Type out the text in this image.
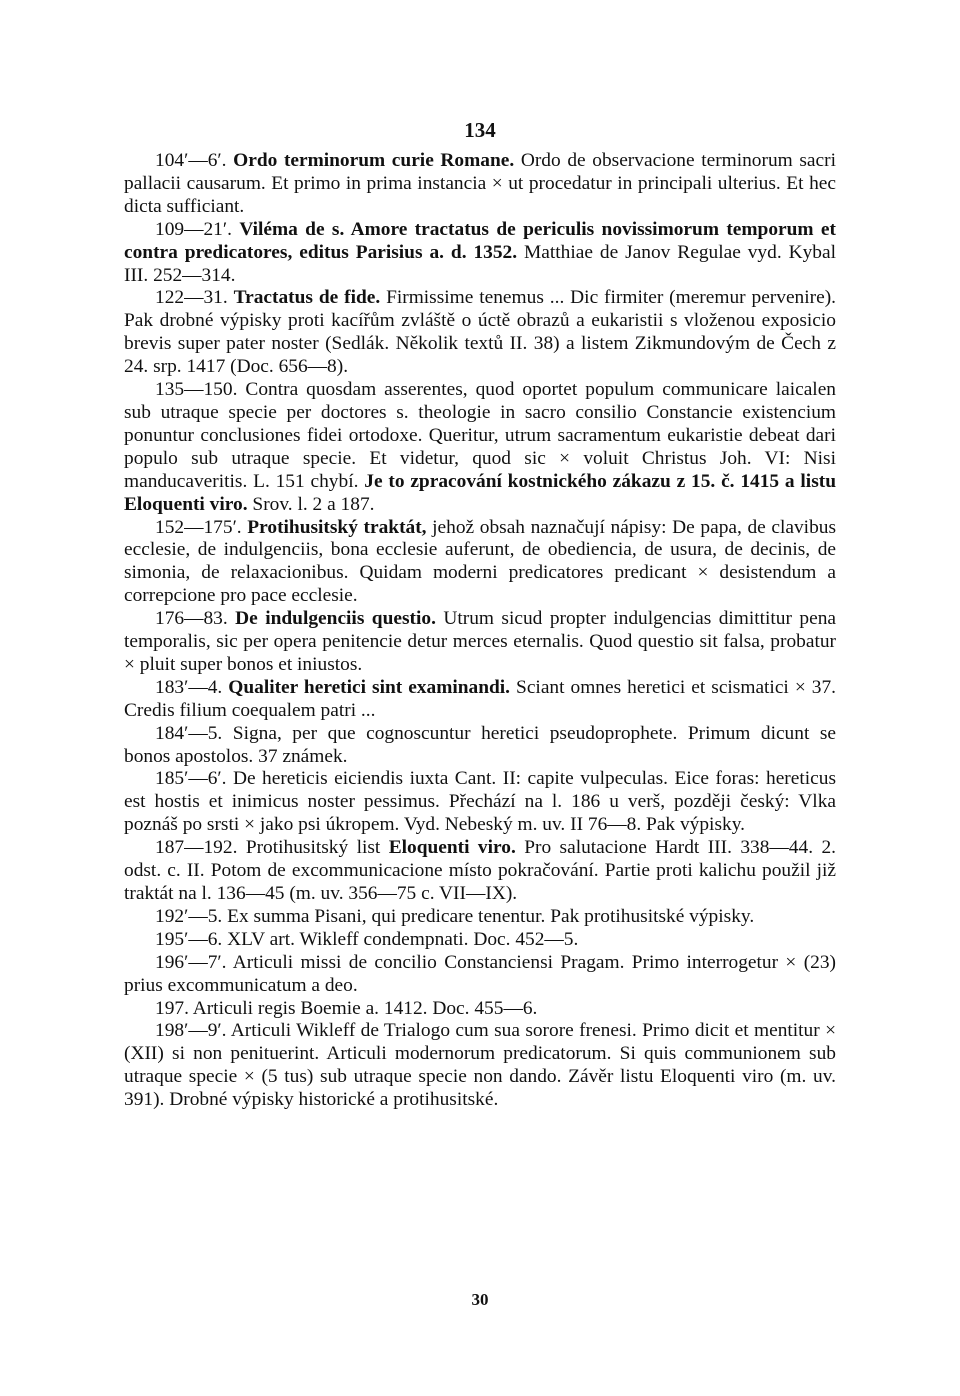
134

104′—6′. Ordo terminorum curie Romane. Ordo de observacione terminorum sacri pallacii causarum. Et primo in prima instancia × ut procedatur in principali ulterius. Et hec dicta sufficiant.

109—21′. Viléma de s. Amore tractatus de periculis novissimorum temporum et contra predicatores, editus Parisius a. d. 1352. Matthiae de Janov Regulae vyd. Kybal III. 252—314.

122—31. Tractatus de fide. Firmissime tenemus ... Dic firmiter (meremur pervenire). Pak drobné výpisky proti kacířům zvláště o úctě obrazů a eukaristii s vloženou exposicio brevis super pater noster (Sedlák. Několik textů II. 38) a listem Zikmundovým de Čech z 24. srp. 1417 (Doc. 656—8).

135—150. Contra quosdam asserentes, quod oportet populum communicare laicalen sub utraque specie per doctores s. theologie in sacro consilio Constancie existencium ponuntur conclusiones fidei ortodoxe. Queritur, utrum sacramentum eukaristie debeat dari populo sub utraque specie. Et videtur, quod sic × voluit Christus Joh. VI: Nisi manducaveritis. L. 151 chybí. Je to zpracování kostnického zákazu z 15. č. 1415 a listu Eloquenti viro. Srov. l. 2 a 187.

152—175′. Protihusitský traktát, jehož obsah naznačují nápisy: De papa, de clavibus ecclesie, de indulgenciis, bona ecclesie auferunt, de obediencia, de usura, de decinis, de simonia, de relaxacionibus. Quidam moderni predicatores predicant × desistendum a correpcione pro pace ecclesie.

176—83. De indulgenciis questio. Utrum sicud propter indulgencias dimittitur pena temporalis, sic per opera penitencie detur merces eternalis. Quod questio sit falsa, probatur × pluit super bonos et iniustos.

183′—4. Qualiter heretici sint examinandi. Sciant omnes heretici et scismatici × 37. Credis filium coequalem patri ...

184′—5. Signa, per que cognoscuntur heretici pseudoprophete. Primum dicunt se bonos apostolos. 37 známek.

185′—6′. De hereticis eiciendis iuxta Cant. II: capite vulpeculas. Eice foras: hereticus est hostis et inimicus noster pessimus. Přechází na l. 186 u verš, později český: Vlka poznáš po srsti × jako psi úkropem. Vyd. Nebeský m. uv. II 76—8. Pak výpisky.

187—192. Protihusitský list Eloquenti viro. Pro salutacione Hardt III. 338—44. 2. odst. c. II. Potom de excommunicacione místo pokračování. Partie proti kalichu použil již traktát na l. 136—45 (m. uv. 356—75 c. VII—IX).

192′—5. Ex summa Pisani, qui predicare tenentur. Pak protihusitské výpisky.

195′—6. XLV art. Wikleff condempnati. Doc. 452—5.

196′—7′. Articuli missi de concilio Constanciensi Pragam. Primo interrogetur × (23) prius excommunicatum a deo.

197. Articuli regis Boemie a. 1412. Doc. 455—6.

198′—9′. Articuli Wikleff de Trialogo cum sua sorore frenesi. Primo dicit et mentitur × (XII) si non penituerint. Articuli modernorum predicatorum. Si quis communionem sub utraque specie × (5 tus) sub utraque specie non dando. Závěr listu Eloquenti viro (m. uv. 391). Drobné výpisky historické a protihusitské.

30
